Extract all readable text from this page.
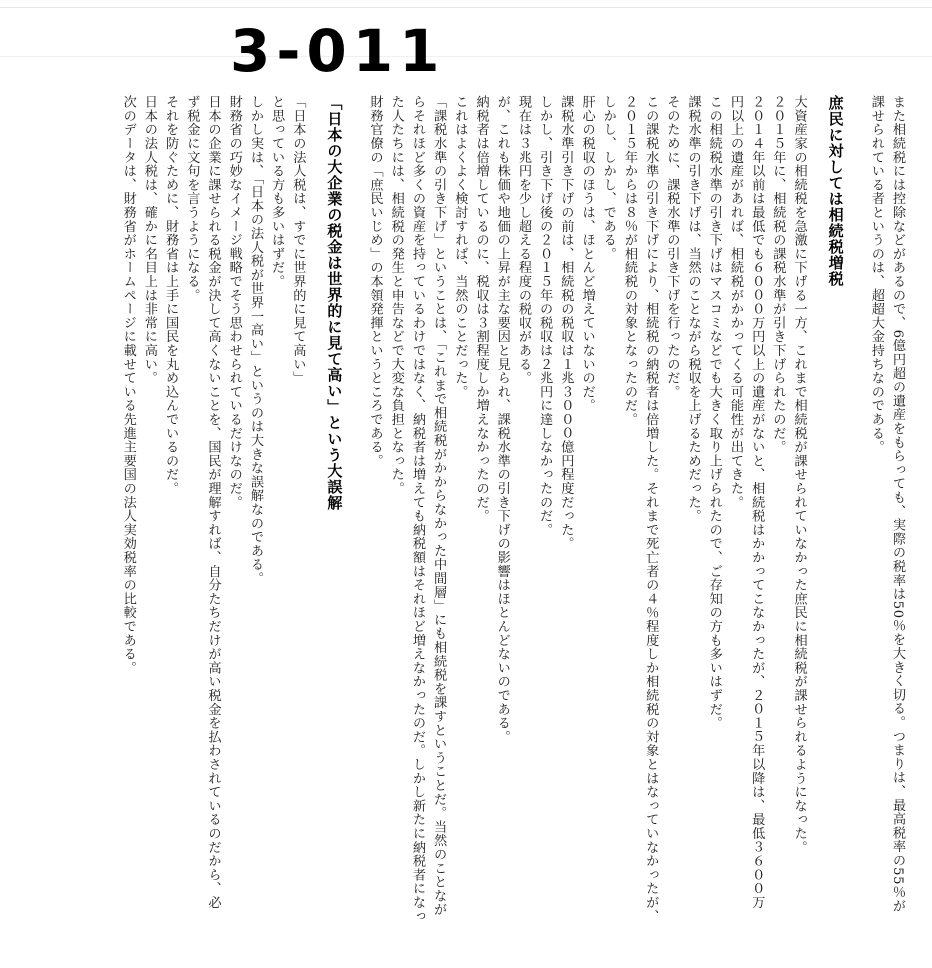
3-011

また相続税には控除などがあるので、6億円超の遺産をもらっても、実際の税率は50％を大きく切る。つまりは、最高税率の55％が

課せられている者というのは、超超大金持ちなのである。

庶民に対しては相続税増税

大資産家の相続税を急激に下げる一方、これまで相続税が課せられていなかった庶民に相続税が課せられるようになった。

２０１５年に、相続税の課税水準が引き下げられたのだ。

２０１４年以前は最低でも６０００万円以上の遺産がないと、相続税はかかってこなかったが、２０１５年以降は、最低３６００万

円以上の遺産があれば、相続税がかかってくる可能性が出てきた。

この相続税水準の引き下げはマスコミなどでも大きく取り上げられたので、ご存知の方も多いはずだ。

課税水準の引き下げは、当然のことながら税収を上げるためだった。

そのために、課税水準の引き下げを行ったのだ。

この課税水準の引き下げにより、相続税の納税者は倍増した。それまで死亡者の４％程度しか相続税の対象とはなっていなかったが、

２０１５年からは８％が相続税の対象となったのだ。

しかし、しかし、である。

肝心の税収のほうは、ほとんど増えていないのだ。

課税水準引き下げの前は、相続税の税収は１兆３０００億円程度だった。

しかし、引き下げ後の２０１５年の税収は２兆円に達しなかったのだ。

現在は３兆円を少し超える程度の税収がある。

が、これも株価や地価の上昇が主な要因と見られ、課税水準の引き下げの影響はほとんどないのである。

納税者は倍増しているのに、税収は３割程度しか増えなかったのだ。

これはよくよく検討すれば、当然のことだった。

「課税水準の引き下げ」ということは、「これまで相続税がかからなかった中間層」にも相続税を課すということだ。当然のことなが

らそれほど多くの資産を持っているわけではなく、納税者は増えても納税額はそれほど増えなかったのだ。しかし新たに納税者になっ

た人たちには、相続税の発生と申告などで大変な負担となった。

財務官僚の「庶民いじめ」の本領発揮というところである。

「日本の大企業の税金は世界的に見て高い」という大誤解

「日本の法人税は、すでに世界的に見て高い」

と思っている方も多いはずだ。

しかし実は、「日本の法人税が世界一高い」というのは大きな誤解なのである。

財務省の巧妙なイメージ戦略でそう思わせられているだけなのだ。

日本の企業に課せられる税金が決して高くないことを、国民が理解すれば、自分たちだけが高い税金を払わされているのだから、必

ず税金に文句を言うようになる。

それを防ぐために、財務省は上手に国民を丸め込んでいるのだ。

日本の法人税は、確かに名目上は非常に高い。

次のデータは、財務省がホームページに載せている先進主要国の法人実効税率の比較である。
